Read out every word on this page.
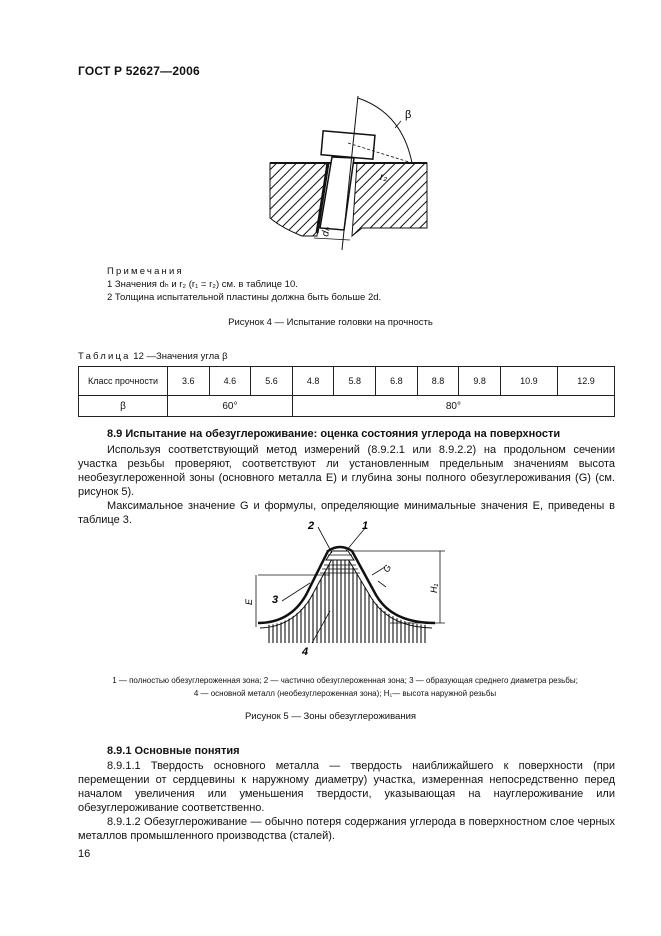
ГОСТ Р 52627—2006
β
r₂
dₕ
Примечания
1 Значения dₕ и r₂ (r₁ = r₂) см. в таблице 10.
2 Толщина испытательной пластины должна быть больше 2d.
Рисунок 4 — Испытание головки на прочность
Таблица 12 —Значения угла β
Класс прочности	3.6	4.6	5.6	4.8	5.8	6.8	8.8	9.8	10.9	12.9
β	60°			80°						
8.9 Испытание на обезуглероживание: оценка состояния углерода на поверхности

Используя соответствующий метод измерений (8.9.2.1 или 8.9.2.2) на продольном сечении участка резьбы проверяют, соответствуют ли установленным предельным значениям высота необезуглероженной зоны (основного металла E) и глубина зоны полного обезуглероживания (G) (см. рисунок 5).

Максимальное значение G и формулы, определяющие минимальные значения E, приведены в таблице 3.	2	1
3
4
G
E
H₁
1 — полностью обезуглероженная зона; 2 — частично обезуглероженная зона; 3 — образующая среднего диаметра резьбы;
4 — основной металл (необезуглероженная зона); H₁— высота наружной резьбы
Рисунок 5 — Зоны обезуглероживания
8.9.1 Основные понятия

8.9.1.1 Твердость основного металла — твердость наиближайшего к поверхности (при перемещении от сердцевины к наружному диаметру) участка, измеренная непосредственно перед началом увеличения или уменьшения твердости, указывающая на науглероживание или обезуглероживание соответственно.

8.9.1.2 Обезуглероживание — обычно потеря содержания углерода в поверхностном слое черных металлов промышленного производства (сталей).

16
